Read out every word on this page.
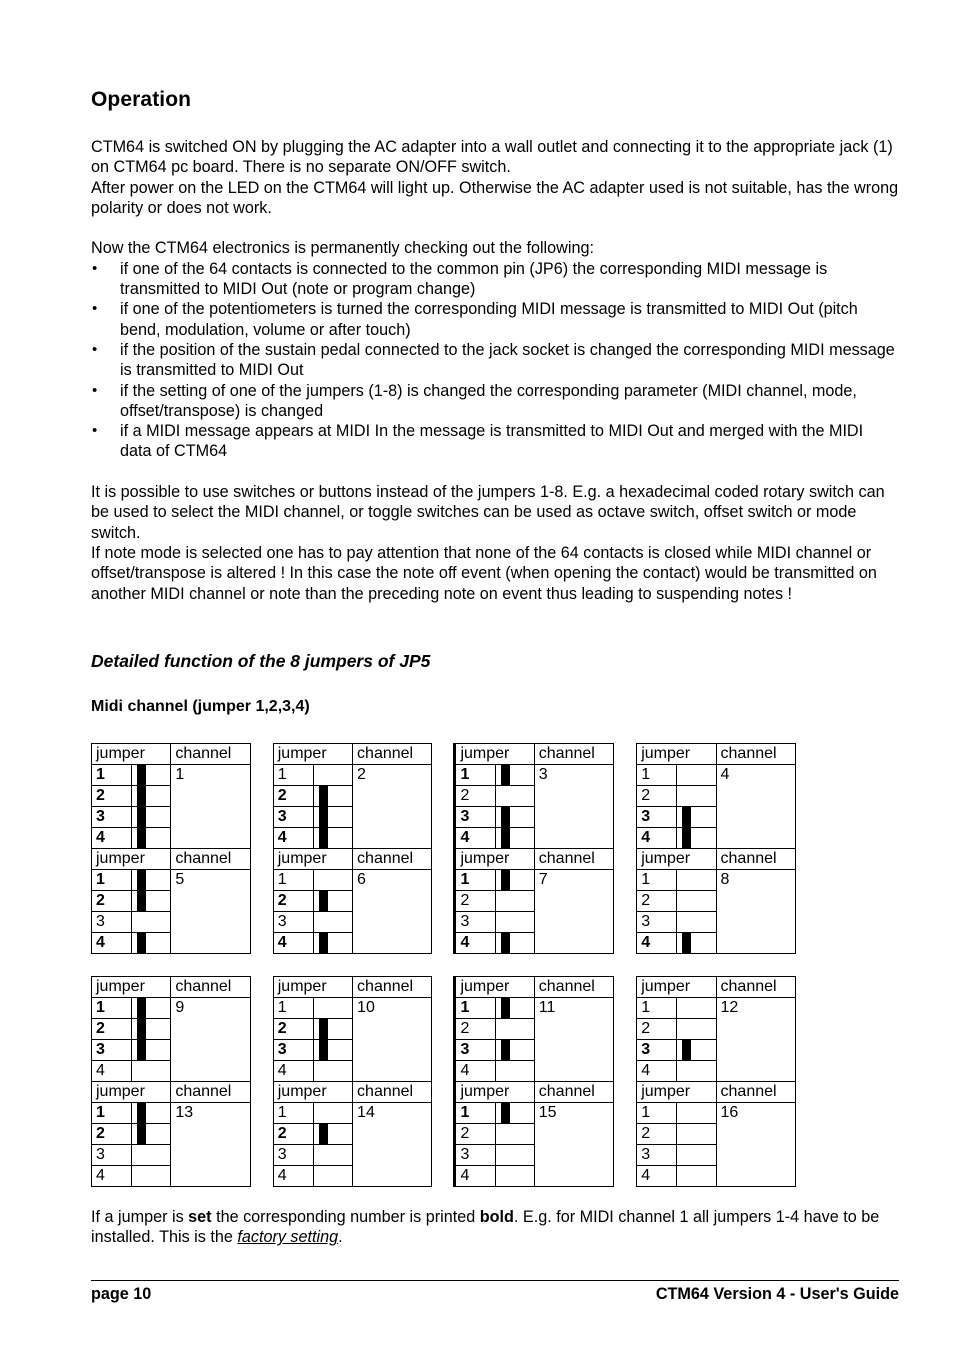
Operation

CTM64 is switched ON by plugging the AC adapter into a wall outlet and connecting it to the appropriate jack (1) on CTM64 pc board. There is no separate ON/OFF switch.

After power on the LED on the CTM64 will light up. Otherwise the AC adapter used is not suitable, has the wrong polarity or does not work.

Now the CTM64 electronics is permanently checking out the following:

• if one of the 64 contacts is connected to the common pin (JP6) the corresponding MIDI message is transmitted to MIDI Out (note or program change)
• if one of the potentiometers is turned the corresponding MIDI message is transmitted to MIDI Out (pitch bend, modulation, volume or after touch)
• if the position of the sustain pedal connected to the jack socket is changed the corresponding MIDI message is transmitted to MIDI Out
• if the setting of one of the jumpers (1-8) is changed the corresponding parameter (MIDI channel, mode, offset/transpose) is changed
• if a MIDI message appears at MIDI In the message is transmitted to MIDI Out and merged with the MIDI data of CTM64

It is possible to use switches or buttons instead of the jumpers 1-8. E.g. a hexadecimal coded rotary switch can be used to select the MIDI channel, or toggle switches can be used as octave switch, offset switch or mode switch.

If note mode is selected one has to pay attention that none of the 64 contacts is closed while MIDI channel or offset/transpose is altered ! In this case the note off event (when opening the contact) would be transmitted on another MIDI channel or note than the preceding note on event thus leading to suspending notes !

Detailed function of the 8 jumpers of JP5
Midi channel (jumper 1,2,3,4)
jumper		channel		jumper		channel		jumper		channel		jumper		channel
1		1		1		2		1		3		1		4
2				2				2				2		
3				3				3				3		

4				4				4				4		

jumper		channel		jumper		channel		jumper		channel		jumper		channel
1		5		1		6		1		7		1		8
2				2				2				2		
3				3				3				3		
4				4				4				4		
jumper		channel		jumper		channel		jumper		channel		jumper		channel
1		9		1		10		1		11		1		12
2				2				2				2		
3				3				3				3		

4				4				4				4		
jumper		channel		jumper		channel		jumper		channel		jumper		channel
1		13		1		14		1		15		1		16
2				2				2				2		
3				3				3				3		
4				4				4				4		

If a jumper is set the corresponding number is printed bold. E.g. for MIDI channel 1 all jumpers 1-4 have to be installed. This is the factory setting.

page 10	CTM64 Version 4 - User's Guide
